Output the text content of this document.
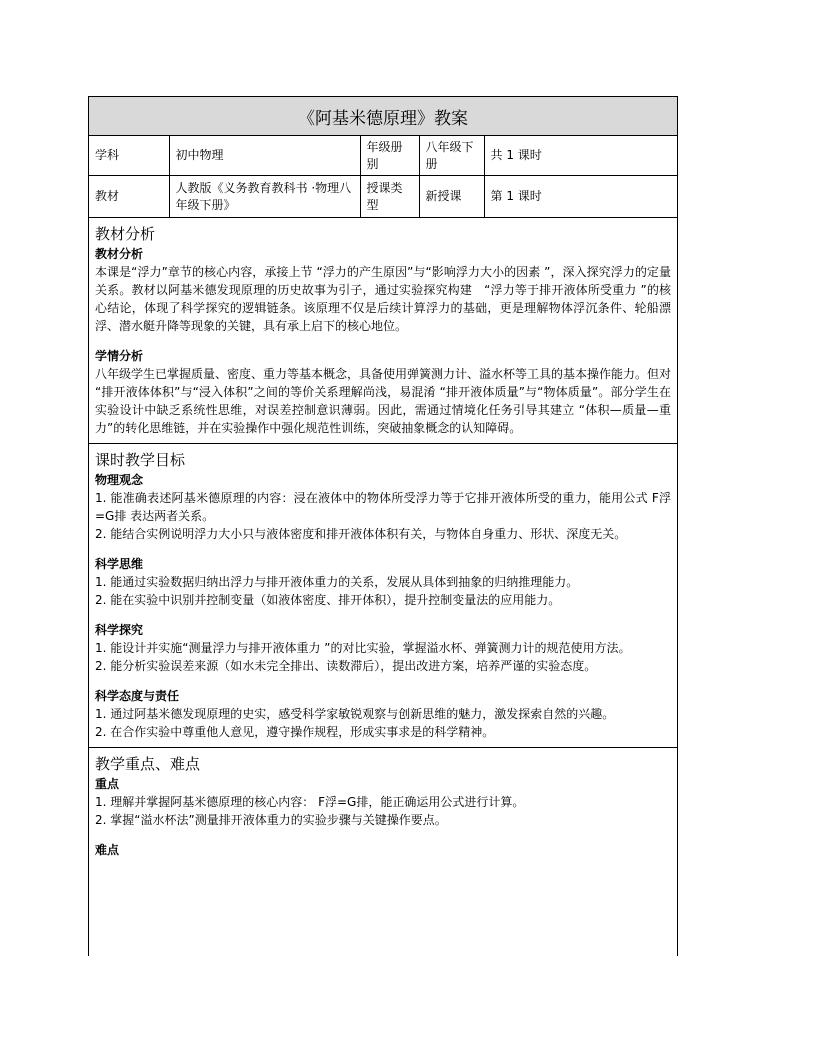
《阿基米德原理》教案
学科	初中物理	年级册别	八年级下册	共 1 课时
教材	人教版《义务教育教科书 ·物理八年级下册》	授课类型	新授课	第 1 课时
教材分析
教材分析

本课是“浮力”章节的核心内容，承接上节 “浮力的产生原因”与“影响浮力大小的因素 ”，深入探究浮力的定量关系。教材以阿基米德发现原理的历史故事为引子，通过实验探究构建　“浮力等于排开液体所受重力 ”的核心结论，体现了科学探究的逻辑链条。该原理不仅是后续计算浮力的基础，更是理解物体浮沉条件、轮船漂浮、潜水艇升降等现象的关键，具有承上启下的核心地位。

学情分析

八年级学生已掌握质量、密度、重力等基本概念，具备使用弹簧测力计、溢水杯等工具的基本操作能力。但对 “排开液体体积”与“浸入体积”之间的等价关系理解尚浅，易混淆 “排开液体质量”与“物体质量”。部分学生在实验设计中缺乏系统性思维，对误差控制意识薄弱。因此，需通过情境化任务引导其建立 “体积—质量—重力”的转化思维链，并在实验操作中强化规范性训练，突破抽象概念的认知障碍。

课时教学目标
物理观念

1. 能准确表述阿基米德原理的内容：浸在液体中的物体所受浮力等于它排开液体所受的重力，能用公式 F浮=G排 表达两者关系。

2. 能结合实例说明浮力大小只与液体密度和排开液体体积有关，与物体自身重力、形状、深度无关。

科学思维

1. 能通过实验数据归纳出浮力与排开液体重力的关系，发展从具体到抽象的归纳推理能力。

2. 能在实验中识别并控制变量（如液体密度、排开体积），提升控制变量法的应用能力。

科学探究

1. 能设计并实施“测量浮力与排开液体重力 ”的对比实验，掌握溢水杯、弹簧测力计的规范使用方法。

2. 能分析实验误差来源（如水未完全排出、读数滞后），提出改进方案，培养严谨的实验态度。

科学态度与责任

1. 通过阿基米德发现原理的史实，感受科学家敏锐观察与创新思维的魅力，激发探索自然的兴趣。

2. 在合作实验中尊重他人意见，遵守操作规程，形成实事求是的科学精神。

教学重点、难点
重点

1. 理解并掌握阿基米德原理的核心内容： F浮=G排，能正确运用公式进行计算。

2. 掌握“溢水杯法”测量排开液体重力的实验步骤与关键操作要点。

难点
